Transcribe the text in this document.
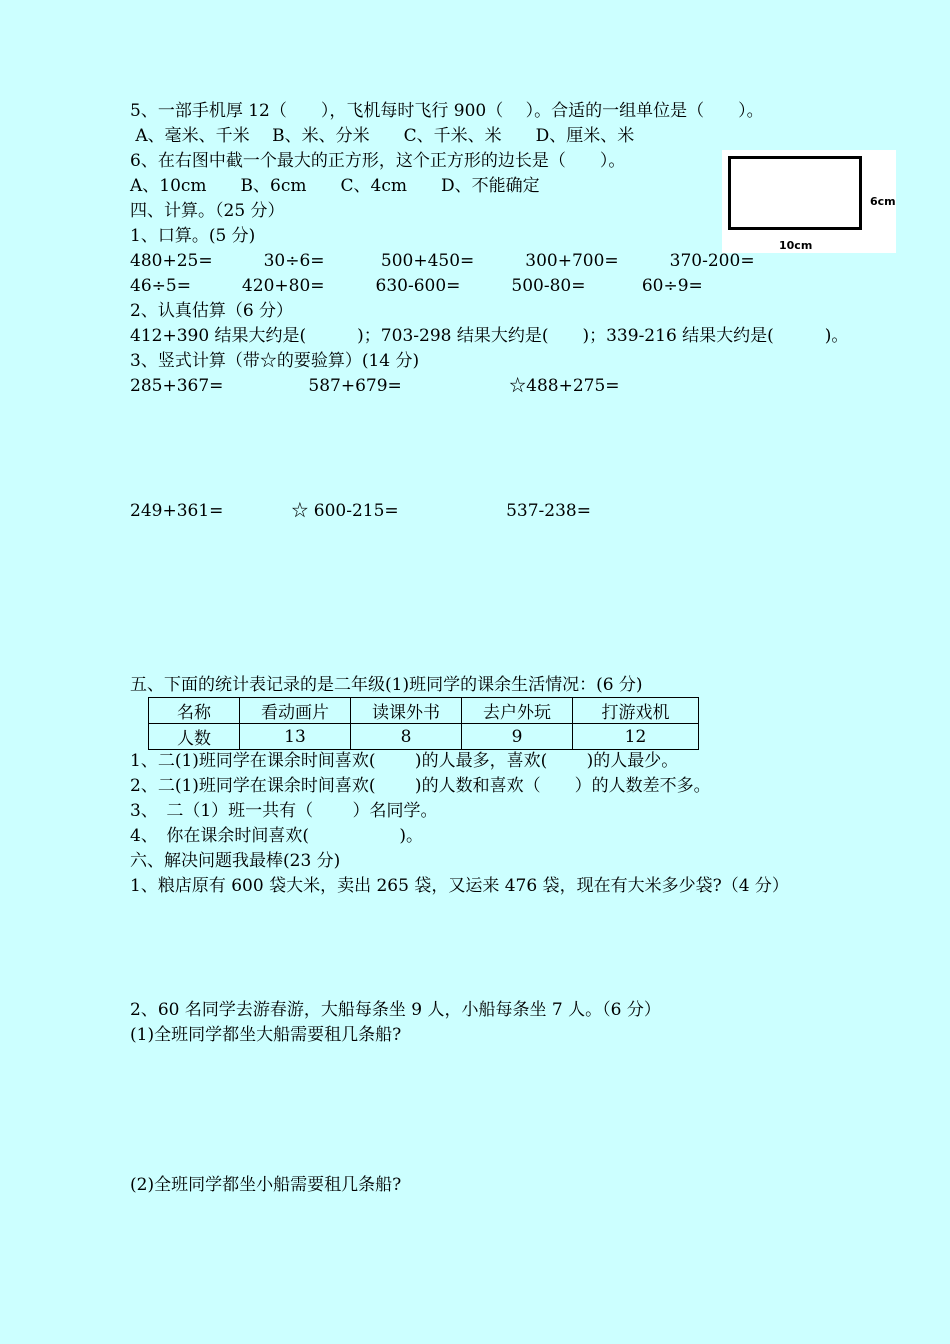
5、一部手机厚 12（　　），飞机每时飞行 900（　 ）。合适的一组单位是（　　）。
A、毫米、千米　 B、米、分米　　C、千米、米　　D、厘米、米
6、在右图中截一个最大的正方形，这个正方形的边长是（　　）。
A、10cm　　B、6cm　　C、4cm　　D、不能确定
6cm
10cm
四、计算。（25 分）
1、口算。(5 分)
480+25=　　　30÷6=　　　 500+450=　　　300+700=　　　370-200=
46÷5=　　　420+80=　　　630-600=　　　500-80=　　　 60÷9=
2、认真估算（6 分）
412+390 结果大约是(　　　)；703-298 结果大约是(　　)；339-216 结果大约是(　　　)。
3、竖式计算（带☆的要验算）(14 分)
285+367=　　　　　587+679=　　　　　　 ☆488+275=
249+361=　　　　☆ 600-215=　　　　　　 537-238=
五、下面的统计表记录的是二年级(1)班同学的课余生活情况：(6 分)
名称	看动画片	读课外书	去户外玩	打游戏机
人数	13	8	9	12
1、二(1)班同学在课余时间喜欢(　　 )的人最多，喜欢(　　 )的人最少。
2、二(1)班同学在课余时间喜欢(　　 )的人数和喜欢（　　）的人数差不多。
3、　二（1）班一共有（　　 ）名同学。
4、　你在课余时间喜欢(　　　　　 )。
六、解决问题我最棒(23 分)
1、粮店原有 600 袋大米，卖出 265 袋，又运来 476 袋，现在有大米多少袋?（4 分）
2、60 名同学去游春游，大船每条坐 9 人，小船每条坐 7 人。（6 分）
(1)全班同学都坐大船需要租几条船?
(2)全班同学都坐小船需要租几条船?
